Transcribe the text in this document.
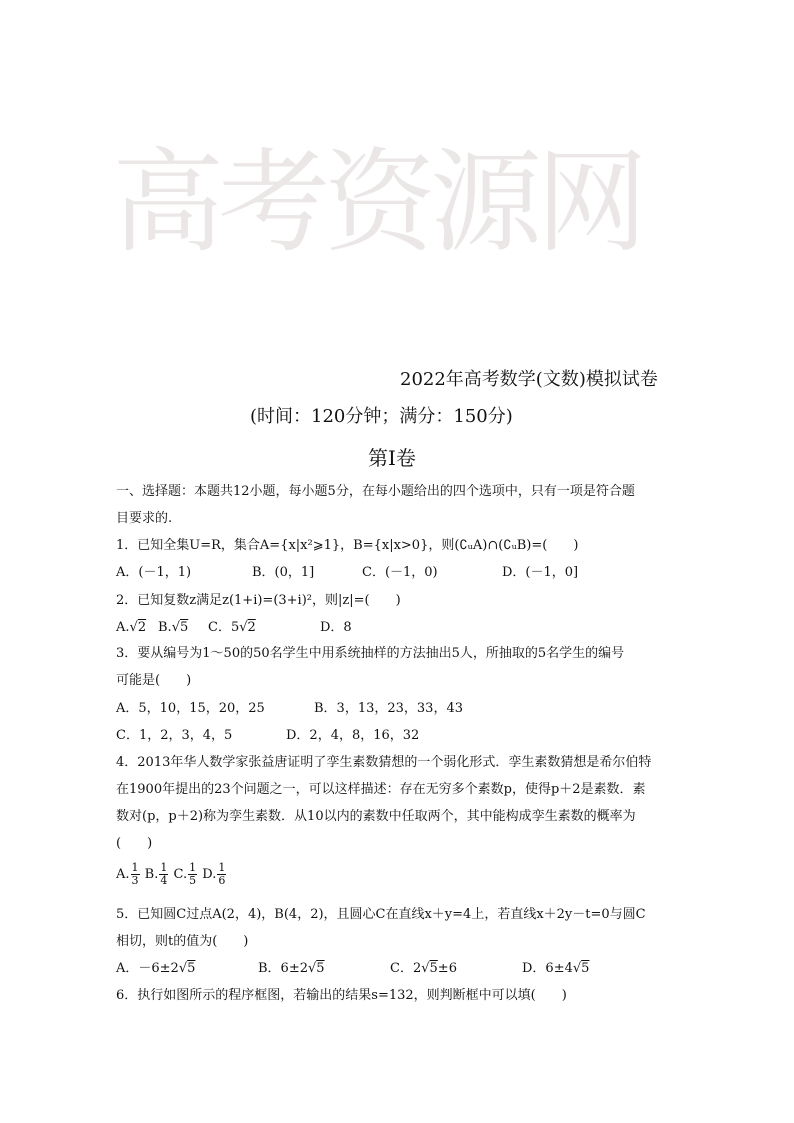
高考资源网
2022年高考数学(文数)模拟试卷
(时间：120分钟；满分：150分)
第Ⅰ卷
一、选择题：本题共12小题，每小题5分，在每小题给出的四个选项中，只有一项是符合题
目要求的.
1．已知全集U=R，集合A={x|x²⩾1}，B={x|x>0}，则(∁ᵤA)∩(∁ᵤB)=(　　)
A．(－1，1)	B．(0，1]	C．(－1，0)	D．(－1，0]
2．已知复数z满足z(1+i)=(3+i)²，则|z|=(　　)
A.√2 B.√5 C．5√2	D．8
3．要从编号为1～50的50名学生中用系统抽样的方法抽出5人，所抽取的5名学生的编号
可能是(　　)
A．5，10，15，20，25	B．3，13，23，33，43
C．1，2，3，4，5	D．2，4，8，16，32
4．2013年华人数学家张益唐证明了孪生素数猜想的一个弱化形式．孪生素数猜想是希尔伯特
在1900年提出的23个问题之一，可以这样描述：存在无穷多个素数p，使得p＋2是素数．素
数对(p，p＋2)称为孪生素数．从10以内的素数中任取两个，其中能构成孪生素数的概率为
(　　)
A. $\frac{1}{3} B$. $\frac{1}{4} C$. $\frac{1}{5} D$. $\frac{1}{6}$
5．已知圆C过点A(2，4)，B(4，2)，且圆心C在直线x＋y=4上，若直线x＋2y－t=0与圆C
相切，则t的值为(　　)
A．－6±2√5	B．6±2√5	C．2√5±6	D．6±4√5
6．执行如图所示的程序框图，若输出的结果s=132，则判断框中可以填(　　)
